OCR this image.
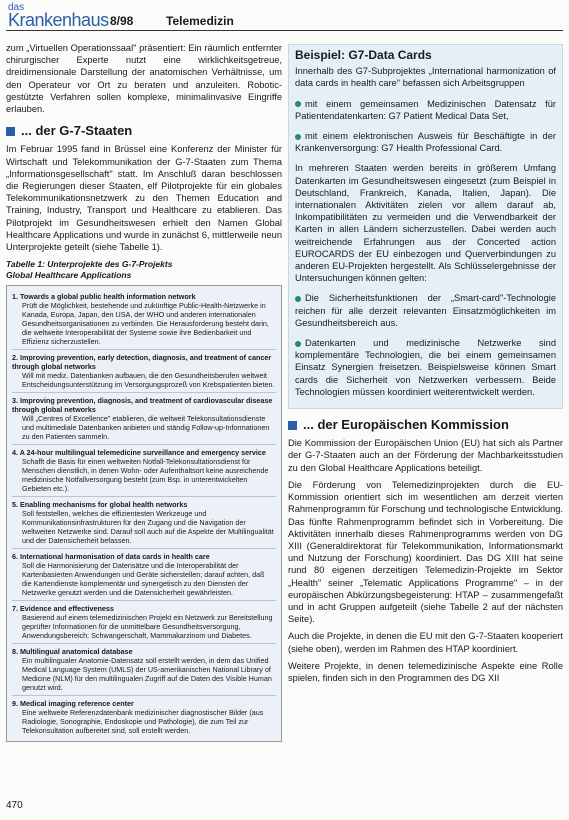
das
Krankenhaus 8/98	Telemedizin

zum „Virtuellen Operationssaal" präsentiert: Ein räumlich entfernter chirurgischer Experte nutzt eine wirklichkeitsgetreue, dreidimensionale Darstellung der anatomischen Verhältnisse, um den Operateur vor Ort zu beraten und anzuleiten. Robotic-gestützte Verfahren sollen komplexe, minimalinvasive Eingriffe erlauben.

... der G-7-Staaten

Im Februar 1995 fand in Brüssel eine Konferenz der Minister für Wirtschaft und Telekommunikation der G-7-Staaten zum Thema „Informationsgesellschaft" statt. Im Anschluß daran beschlossen die Regierungen dieser Staaten, elf Pilotprojekte für ein globales Telekommunikationsnetzwerk zu den Themen Education and Training, Industry, Transport und Healthcare zu etablieren. Das Pilotprojekt im Gesundheitswesen erhielt den Namen Global Healthcare Applications und wurde in zunächst 6, mittlerweile neun Unterprojekte geteilt (siehe Tabelle 1).

Tabelle 1: Unterprojekte des G-7-Projekts
Global Healthcare Applications
1. Towards a global public health information network
Prüft die Möglichkeit, bestehende und zukünftige Public-Health-Netzwerke in Kanada, Europa, Japan, den USA, der WHO und anderen internationalen Gesundheitsorganisationen zu verbinden. Die Herausforderung besteht darin, die weltweite Interoperabilität der Systeme sowie ihre Bedienbarkeit und Effizienz sicherzustellen.
2. Improving prevention, early detection, diagnosis, and treatment of cancer through global networks
Will mit mediz. Datenbanken aufbauen, die den Gesundheitsberufen weltweit Entscheidungsunterstützung im Versorgungsprozeß von Krebspatienten bieten.
3. Improving prevention, diagnosis, and treatment of cardiovascular disease through global networks
Will „Centres of Excellence" etablieren, die weltweit Telekonsultationsdienste und multimediale Datenbanken anbieten und ständig Follow-up-Informationen zu den Patienten sammeln.
4. A 24-hour multilingual telemedicine surveillance and emergency service
Schafft die Basis für einen weltweiten Notfall-Telekonsultationsdienst für Menschen dienstlich, in denen Wohn- oder Aufenthaltsort keine ausreichende medizinische Notfallversorgung besteht (zum Bsp. in unterentwickelten Gebieten etc.).
5. Enabling mechanisms for global health networks
Soll feststellen, welches die effizientesten Werkzeuge und Kommunikationsinfrastrukturen für den Zugang und die Navigation der weltweiten Netzwerke sind. Darauf soll auch auf die Aspekte der Multilingualität und der Datensicherheit befassen.
6. International harmonisation of data cards in health care
Soll die Harmonisierung der Datensätze und die Interoperabilität der Kartenbasierten Anwendungen und Geräte sicherstellen; darauf achten, daß die Kartendienste komplementär und synergetisch zu den Diensten der Netzwerke genutzt werden und die Datensicherheit gewährleisten.
7. Evidence and effectiveness
Basierend auf einem telemedizinischen Projekt ein Netzwerk zur Bereitstellung geprüfter Informationen für die unmittelbare Gesundheitsversorgung, Anwendungsbereich: Schwangerschaft, Mammakarzinom und Diabetes.
8. Multilingual anatomical database
Ein multilingualer Anatomie-Datensatz soll erstellt werden, in dem das Unified Medical Language System (UMLS) der US-amerikanischen National Library of Medicine (NLM) für den multilingualen Zugriff auf die Daten des Visible Human genutzt wird.
9. Medical imaging reference center
Eine weltweite Referenzdatenbank medizinischer diagnostischer Bilder (aus Radiologie, Sonographie, Endoskopie und Pathologie), die zum Teil zur Telekonsultation aufbereitet sind, soll erstellt werden.
Beispiel: G7-Data Cards

Innerhalb des G7-Subprojektes „International harmonization of data cards in health care" befassen sich Arbeitsgruppen

mit einem gemeinsamen Medizinischen Datensatz für Patientendatenkarten: G7 Patient Medical Data Set,

mit einem elektronischen Ausweis für Beschäftigte in der Krankenversorgung: G7 Health Professional Card.

In mehreren Staaten werden bereits in größerem Umfang Datenkarten im Gesundheitswesen eingesetzt (zum Beispiel in Deutschland, Frankreich, Kanada, Italien, Japan). Die internationalen Aktivitäten zielen vor allem darauf ab, Inkompatibilitäten zu vermeiden und die Verwendbarkeit der Karten in allen Ländern sicherzustellen. Dabei werden auch weitreichende Erfahrungen aus der Concerted action EUROCARDS der EU einbezogen und Querverbindungen zu anderen EU-Projekten hergestellt. Als Schlüsselergebnisse der Untersuchungen können gelten:

Die Sicherheitsfunktionen der „Smart-card"-Technologie reichen für alle derzeit relevanten Einsatzmöglichkeiten im Gesundheitsbereich aus.

Datenkarten und medizinische Netzwerke sind komplementäre Technologien, die bei einem gemeinsamen Einsatz Synergien freisetzen. Beispielsweise können Smart cards die Sicherheit von Netzwerken verbessern. Beide Technologien müssen koordiniert weiterentwickelt werden.

... der Europäischen Kommission

Die Kommission der Europäischen Union (EU) hat sich als Partner der G-7-Staaten auch an der Förderung der Machbarkeitsstudien zu den Global Healthcare Applications beteiligt.

Die Förderung von Telemedizinprojekten durch die EU-Kommission orientiert sich im wesentlichen am derzeit vierten Rahmenprogramm für Forschung und technologische Entwicklung. Das fünfte Rahmenprogramm befindet sich in Vorbereitung. Die Aktivitäten innerhalb dieses Rahmenprogramms werden von DG XIII (Generaldirektorat für Telekommunikation, Informationsmarkt und Nutzung der Forschung) koordiniert. Das DG XIII hat seine rund 80 eigenen derzeitigen Telemedizin-Projekte im Sektor „Health" seiner „Telematic Applications Programme" – in der europäischen Abkürzungsbegeisterung: HTAP – zusammengefaßt und in acht Gruppen aufgeteilt (siehe Tabelle 2 auf der nächsten Seite).

Auch die Projekte, in denen die EU mit den G-7-Staaten kooperiert (siehe oben), werden im Rahmen des HTAP koordiniert.

Weitere Projekte, in denen telemedizinische Aspekte eine Rolle spielen, finden sich in den Programmen des DG XII

470
